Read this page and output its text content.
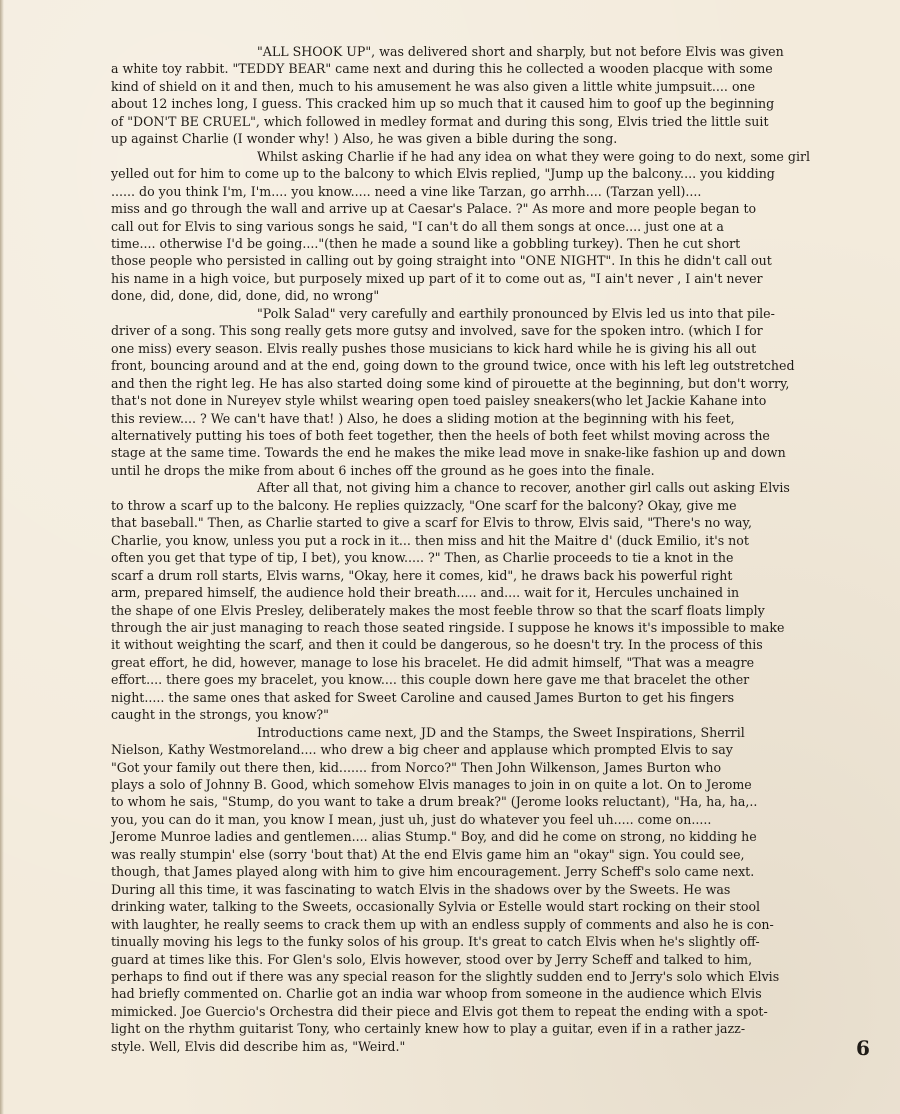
"ALL SHOOK UP", was delivered short and sharply, but not before Elvis was given
a white toy rabbit. "TEDDY BEAR" came next and during this he collected a wooden placque with some
kind of shield on it and then, much to his amusement he was also given a little white jumpsuit.... one
about 12 inches long, I guess. This cracked him up so much that it caused him to goof up the beginning
of "DON'T BE CRUEL", which followed in medley format and during this song, Elvis tried the little suit
up against Charlie (I wonder why! ) Also, he was given a bible during the song.
Whilst asking Charlie if he had any idea on what they were going to do next, some girl
yelled out for him to come up to the balcony to which Elvis replied, "Jump up the balcony.... you kidding
...... do you think I'm, I'm.... you know..... need a vine like Tarzan, go arrhh.... (Tarzan yell)....
miss and go through the wall and arrive up at Caesar's Palace. ?" As more and more people began to
call out for Elvis to sing various songs he said, "I can't do all them songs at once.... just one at a
time.... otherwise I'd be going...."(then he made a sound like a gobbling turkey). Then he cut short
those people who persisted in calling out by going straight into "ONE NIGHT". In this he didn't call out
his name in a high voice, but purposely mixed up part of it to come out as, "I ain't never , I ain't never
done, did, done, did, done, did, no wrong"
"Polk Salad" very carefully and earthily pronounced by Elvis led us into that pile-
driver of a song. This song really gets more gutsy and involved, save for the spoken intro. (which I for
one miss) every season. Elvis really pushes those musicians to kick hard while he is giving his all out
front, bouncing around and at the end, going down to the ground twice, once with his left leg outstretched
and then the right leg. He has also started doing some kind of pirouette at the beginning, but don't worry,
that's not done in Nureyev style whilst wearing open toed paisley sneakers(who let Jackie Kahane into
this review.... ? We can't have that! ) Also, he does a sliding motion at the beginning with his feet,
alternatively putting his toes of both feet together, then the heels of both feet whilst moving across the
stage at the same time. Towards the end he makes the mike lead move in snake-like fashion up and down
until he drops the mike from about 6 inches off the ground as he goes into the finale.
After all that, not giving him a chance to recover, another girl calls out asking Elvis
to throw a scarf up to the balcony. He replies quizzacly, "One scarf for the balcony? Okay, give me
that baseball." Then, as Charlie started to give a scarf for Elvis to throw, Elvis said, "There's no way,
Charlie, you know, unless you put a rock in it... then miss and hit the Maitre d' (duck Emilio, it's not
often you get that type of tip, I bet), you know..... ?" Then, as Charlie proceeds to tie a knot in the
scarf a drum roll starts, Elvis warns, "Okay, here it comes, kid", he draws back his powerful right
arm, prepared himself, the audience hold their breath..... and.... wait for it, Hercules unchained in
the shape of one Elvis Presley, deliberately makes the most feeble throw so that the scarf floats limply
through the air just managing to reach those seated ringside. I suppose he knows it's impossible to make
it without weighting the scarf, and then it could be dangerous, so he doesn't try. In the process of this
great effort, he did, however, manage to lose his bracelet. He did admit himself, "That was a meagre
effort.... there goes my bracelet, you know.... this couple down here gave me that bracelet the other
night..... the same ones that asked for Sweet Caroline and caused James Burton to get his fingers
caught in the strongs, you know?"
Introductions came next, JD and the Stamps, the Sweet Inspirations, Sherril
Nielson, Kathy Westmoreland.... who drew a big cheer and applause which prompted Elvis to say
"Got your family out there then, kid....... from Norco?" Then John Wilkenson, James Burton who
plays a solo of Johnny B. Good, which somehow Elvis manages to join in on quite a lot. On to Jerome
to whom he sais, "Stump, do you want to take a drum break?" (Jerome looks reluctant), "Ha, ha, ha,..
you, you can do it man, you know I mean, just uh, just do whatever you feel uh..... come on.....
Jerome Munroe ladies and gentlemen.... alias Stump." Boy, and did he come on strong, no kidding he
was really stumpin' else (sorry 'bout that) At the end Elvis game him an "okay" sign. You could see,
though, that James played along with him to give him encouragement. Jerry Scheff's solo came next.
During all this time, it was fascinating to watch Elvis in the shadows over by the Sweets. He was
drinking water, talking to the Sweets, occasionally Sylvia or Estelle would start rocking on their stool
with laughter, he really seems to crack them up with an endless supply of comments and also he is con-
tinually moving his legs to the funky solos of his group. It's great to catch Elvis when he's slightly off-
guard at times like this. For Glen's solo, Elvis however, stood over by Jerry Scheff and talked to him,
perhaps to find out if there was any special reason for the slightly sudden end to Jerry's solo which Elvis
had briefly commented on. Charlie got an india war whoop from someone in the audience which Elvis
mimicked. Joe Guercio's Orchestra did their piece and Elvis got them to repeat the ending with a spot-
light on the rhythm guitarist Tony, who certainly knew how to play a guitar, even if in a rather jazz-
style. Well, Elvis did describe him as, "Weird."	6
